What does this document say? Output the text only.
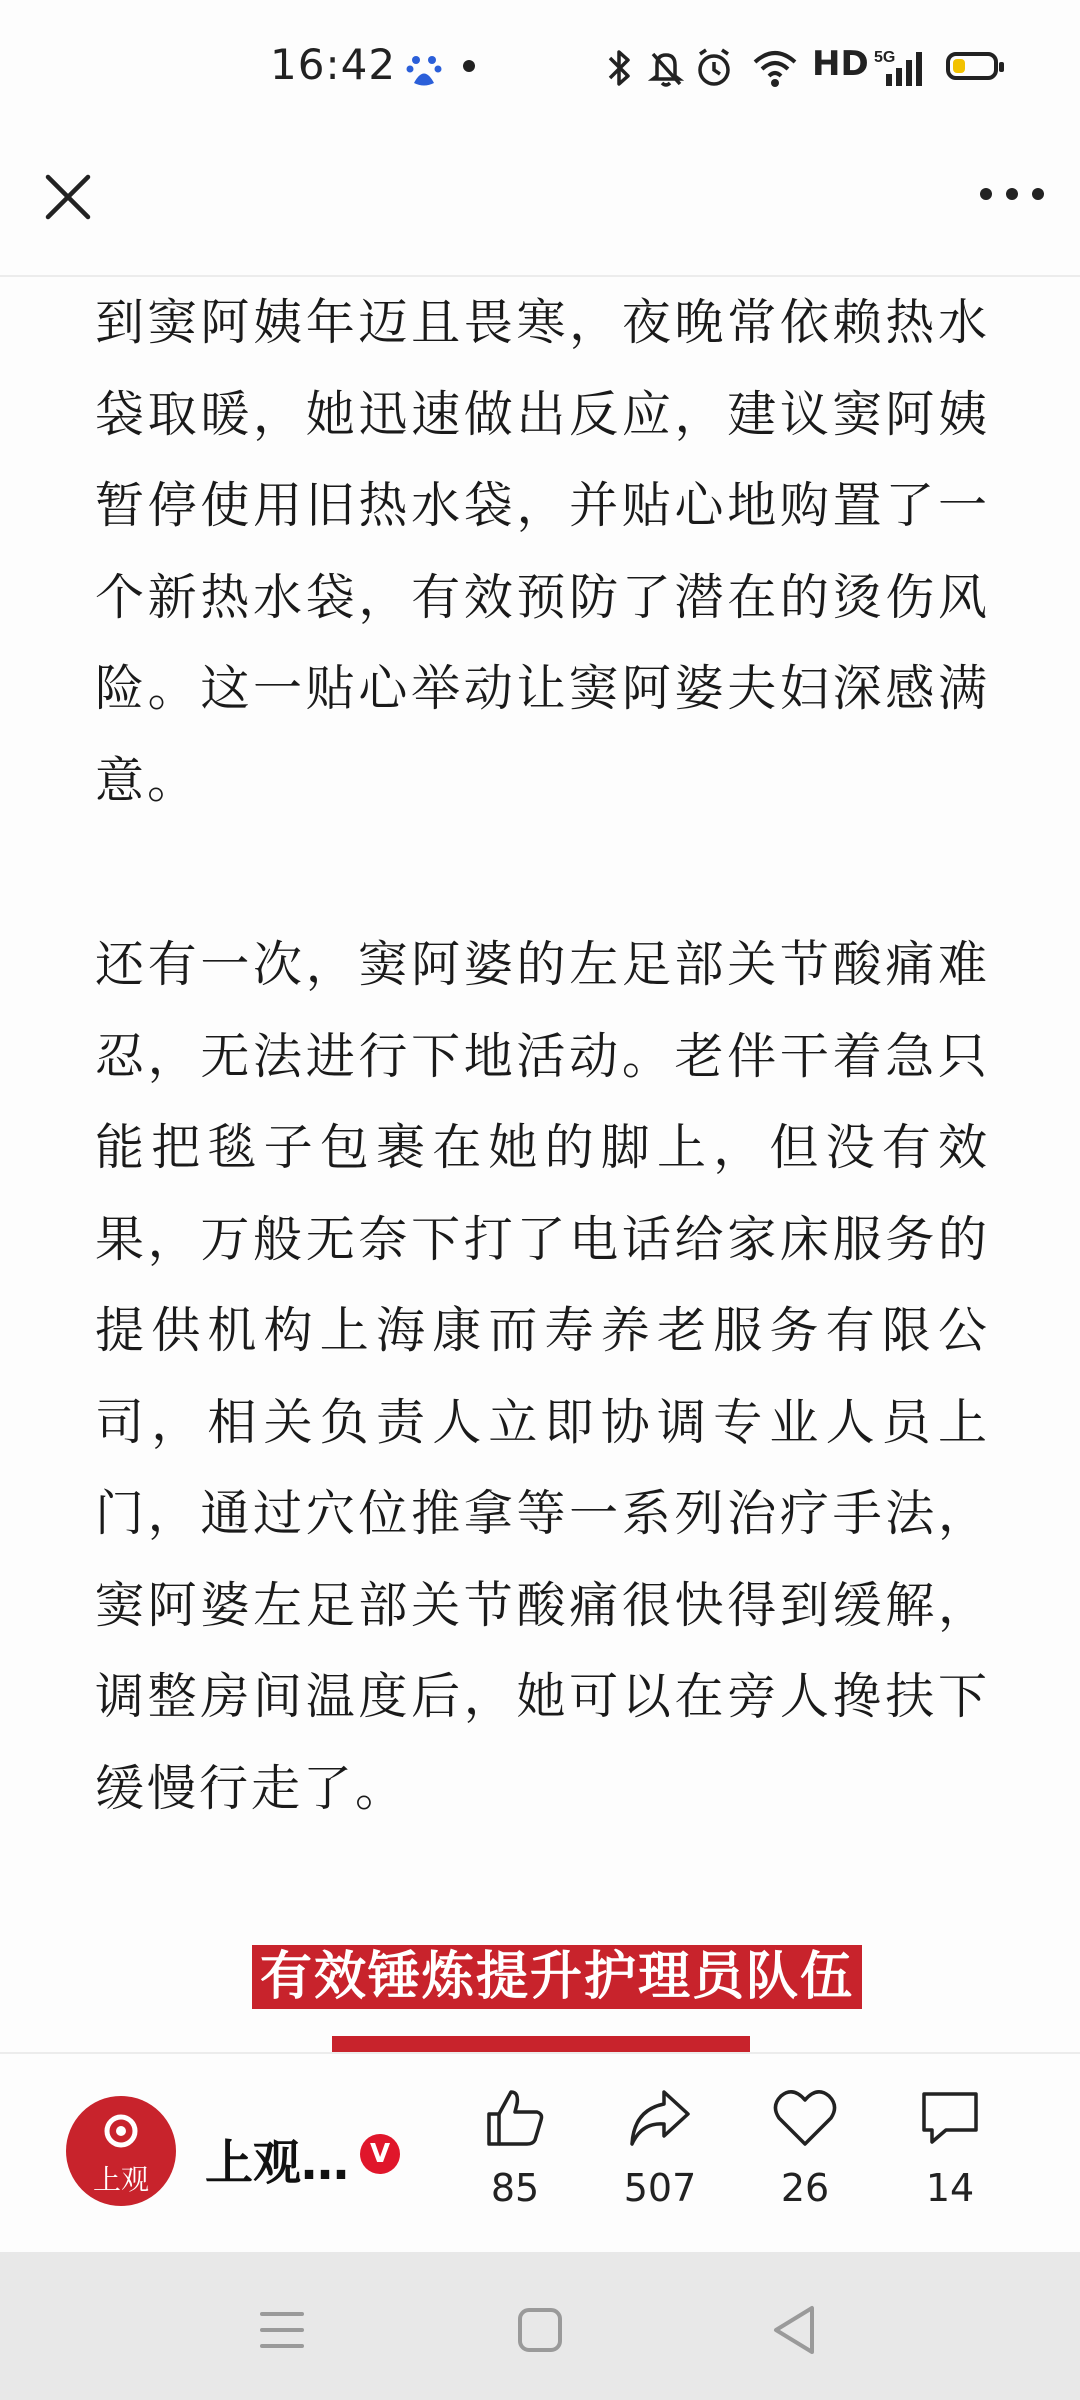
16:42	HD 5G

到窦阿姨年迈且畏寒，夜晚常依赖热水袋取暖，她迅速做出反应，建议窦阿姨暂停使用旧热水袋，并贴心地购置了一个新热水袋，有效预防了潜在的烫伤风险。这一贴心举动让窦阿婆夫妇深感满意。

还有一次，窦阿婆的左足部关节酸痛难忍，无法进行下地活动。老伴干着急只能把毯子包裹在她的脚上，但没有效果，万般无奈下打了电话给家床服务的提供机构上海康而寿养老服务有限公司，相关负责人立即协调专业人员上门，通过穴位推拿等一系列治疗手法，窦阿婆左足部关节酸痛很快得到缓解，调整房间温度后，她可以在旁人搀扶下缓慢行走了。

有效锤炼提升护理员队伍
上观	上观… V
85	507	26	14
